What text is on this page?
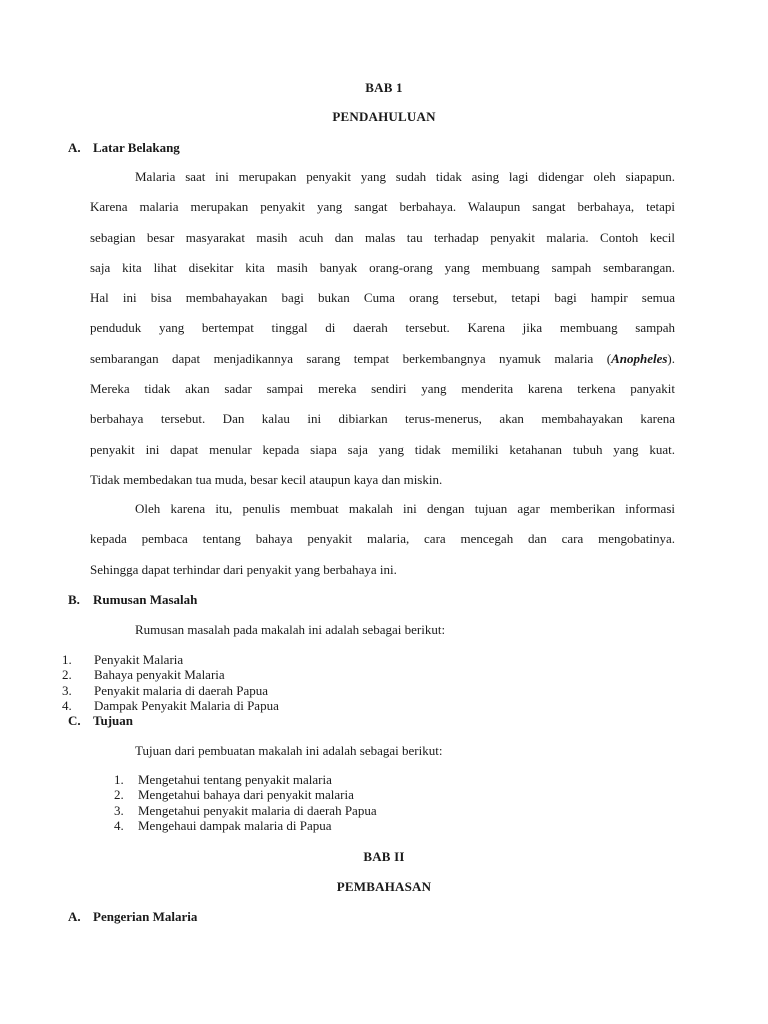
BAB 1
PENDAHULUAN
A. Latar Belakang
Malaria saat ini merupakan penyakit yang sudah tidak asing lagi didengar oleh siapapun.
Karena malaria merupakan penyakit yang sangat berbahaya. Walaupun sangat berbahaya, tetapi
sebagian besar masyarakat masih acuh dan malas tau terhadap penyakit malaria. Contoh kecil
saja kita lihat disekitar kita masih banyak orang-orang yang membuang sampah sembarangan.
Hal ini bisa membahayakan bagi bukan Cuma orang tersebut, tetapi bagi hampir semua
penduduk yang bertempat tinggal di daerah tersebut. Karena jika membuang sampah
sembarangan dapat menjadikannya sarang tempat berkembangnya nyamuk malaria (Anopheles).
Mereka tidak akan sadar sampai mereka sendiri yang menderita karena terkena panyakit
berbahaya tersebut. Dan kalau ini dibiarkan terus-menerus, akan membahayakan karena
penyakit ini dapat menular kepada siapa saja yang tidak memiliki ketahanan tubuh yang kuat.
Tidak membedakan tua muda, besar kecil ataupun kaya dan miskin.
Oleh karena itu, penulis membuat makalah ini dengan tujuan agar memberikan informasi
kepada pembaca tentang bahaya penyakit malaria, cara mencegah dan cara mengobatinya.
Sehingga dapat terhindar dari penyakit yang berbahaya ini.
B. Rumusan Masalah
Rumusan masalah pada makalah ini adalah sebagai berikut:
1.	Penyakit Malaria
2.	Bahaya penyakit Malaria
3.	Penyakit malaria di daerah Papua
4.	Dampak Penyakit Malaria di Papua
C. Tujuan
Tujuan dari pembuatan makalah ini adalah sebagai berikut:
1.	Mengetahui tentang penyakit malaria
2.	Mengetahui bahaya dari penyakit malaria
3.	Mengetahui penyakit malaria di daerah Papua
4.	Mengehaui dampak malaria di Papua
BAB II
PEMBAHASAN
A. Pengerian Malaria
